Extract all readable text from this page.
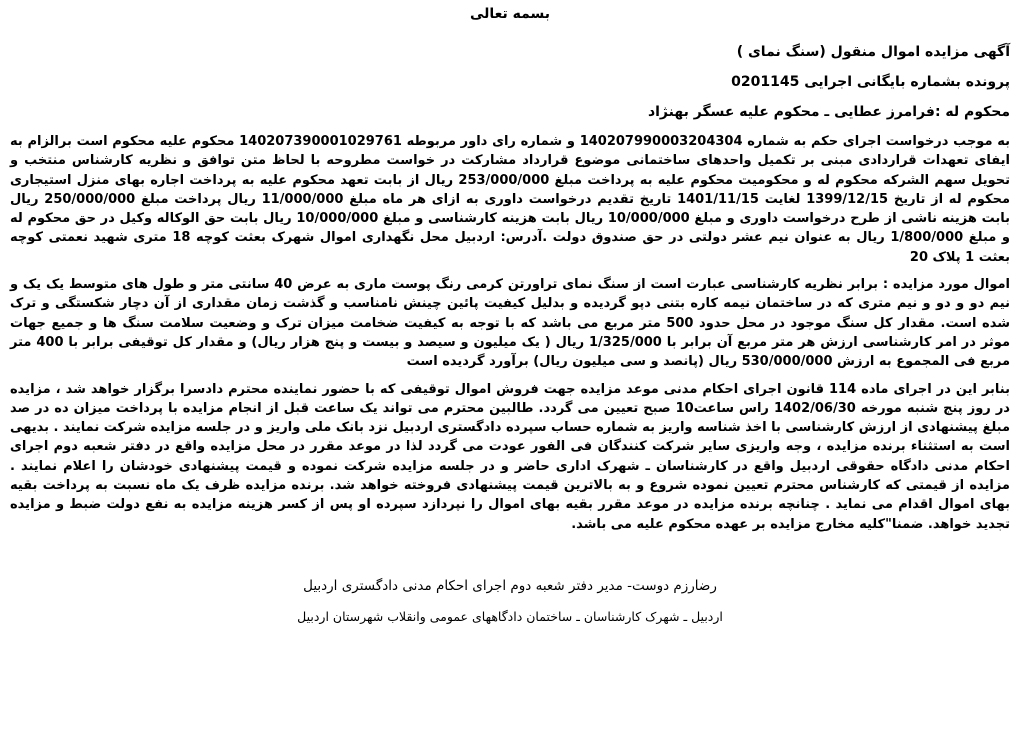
بسمه تعالی
آگهی مزایده اموال منقول (سنگ نمای )
پرونده بشماره بایگانی اجرایی 0201145
محکوم له :فرامرز عطایی ـ محکوم علیه عسگر بهنژاد

به موجب درخواست اجرای حکم به شماره 140207990003204304 و شماره رای داور مربوطه 140207390001029761 محکوم علیه محکوم است برالزام به ایفای تعهدات قراردادی مبنی بر تکمیل واحدهای ساختمانی موضوع قرارداد مشارکت در خواست مطروحه با لحاظ متن توافق و نظریه کارشناس منتخب و تحویل سهم الشرکه محکوم له و محکومیت محکوم علیه به پرداخت مبلغ 253/000/000 ریال از بابت تعهد محکوم علیه به پرداخت اجاره بهای منزل استیجاری محکوم له از تاریخ 1399/12/15 لغایت 1401/11/15 تاریخ تقدیم درخواست داوری به ازای هر ماه مبلغ 11/000/000 ریال پرداخت مبلغ 250/000/000 ریال بابت هزینه ناشی از طرح درخواست داوری و مبلغ 10/000/000 ریال بابت هزینه کارشناسی و مبلغ 10/000/000 ریال بابت حق الوکاله وکیل در حق محکوم له و مبلغ 1/800/000 ریال به عنوان نیم عشر دولتی در حق صندوق دولت .آدرس: اردبیل محل نگهداری اموال شهرک بعثت کوچه 18 متری شهید نعمتی کوچه بعثت 1 پلاک 20

اموال مورد مزایده : برابر نظریه کارشناسی عبارت است از سنگ نمای تراورتن کرمی رنگ پوست ماری به عرض 40 سانتی متر و طول های متوسط یک یک و نیم دو و دو و نیم متری که در ساختمان نیمه کاره بتنی دپو گردیده و بدلیل کیفیت پائین چینش نامناسب و گذشت زمان مقداری از آن دچار شکستگی و ترک شده است. مقدار کل سنگ موجود در محل حدود 500 متر مربع می باشد که با توجه به کیفیت ضخامت میزان ترک و وضعیت سلامت سنگ ها و جمیع جهات موثر در امر کارشناسی ارزش هر متر مربع آن برابر با 1/325/000 ریال ( یک میلیون و سیصد و بیست و پنج هزار ریال) و مقدار کل توقیفی برابر با 400 متر مربع فی المجموع به ارزش 530/000/000 ریال (پانصد و سی میلیون ریال) برآورد گردیده است

بنابر این در اجرای ماده 114 قانون اجرای احکام مدنی موعد مزایده جهت فروش اموال توقیفی که با حضور نماینده محترم دادسرا برگزار خواهد شد ، مزایده در روز پنج شنبه مورخه 1402/06/30 راس ساعت10 صبح تعیین می گردد. طالبین محترم می تواند یک ساعت قبل از انجام مزایده با پرداخت میزان ده در صد مبلغ پیشنهادی از ارزش کارشناسی با اخذ شناسه واریز به شماره حساب سپرده دادگستری اردبیل نزد بانک ملی واریز و در جلسه مزایده شرکت نمایند . بدیهی است به استثناء برنده مزایده ، وجه واریزی سایر شرکت کنندگان فی الفور عودت می گردد لذا در موعد مقرر در محل مزایده واقع در دفتر شعبه دوم اجرای احکام مدنی دادگاه حقوقی اردبیل واقع در کارشناسان ـ شهرک اداری حاضر و در جلسه مزایده شرکت نموده و قیمت پیشنهادی خودشان را اعلام نمایند . مزایده از قیمتی که کارشناس محترم تعیین نموده شروع و به بالاترین قیمت پیشنهادی فروخته خواهد شد. برنده مزایده ظرف یک ماه نسبت به پرداخت بقیه بهای اموال اقدام می نماید . چنانچه برنده مزایده در موعد مقرر بقیه بهای اموال را نپردازد سپرده او پس از کسر هزینه مزایده به نفع دولت ضبط و مزایده تجدید خواهد. ضمنا"کلیه مخارج مزایده بر عهده محکوم علیه می باشد.

رضارزم دوست- مدیر دفتر شعبه دوم اجرای احکام مدنی دادگستری اردبیل
اردبیل ـ شهرک کارشناسان ـ ساختمان دادگاههای عمومی وانقلاب شهرستان اردبیل
